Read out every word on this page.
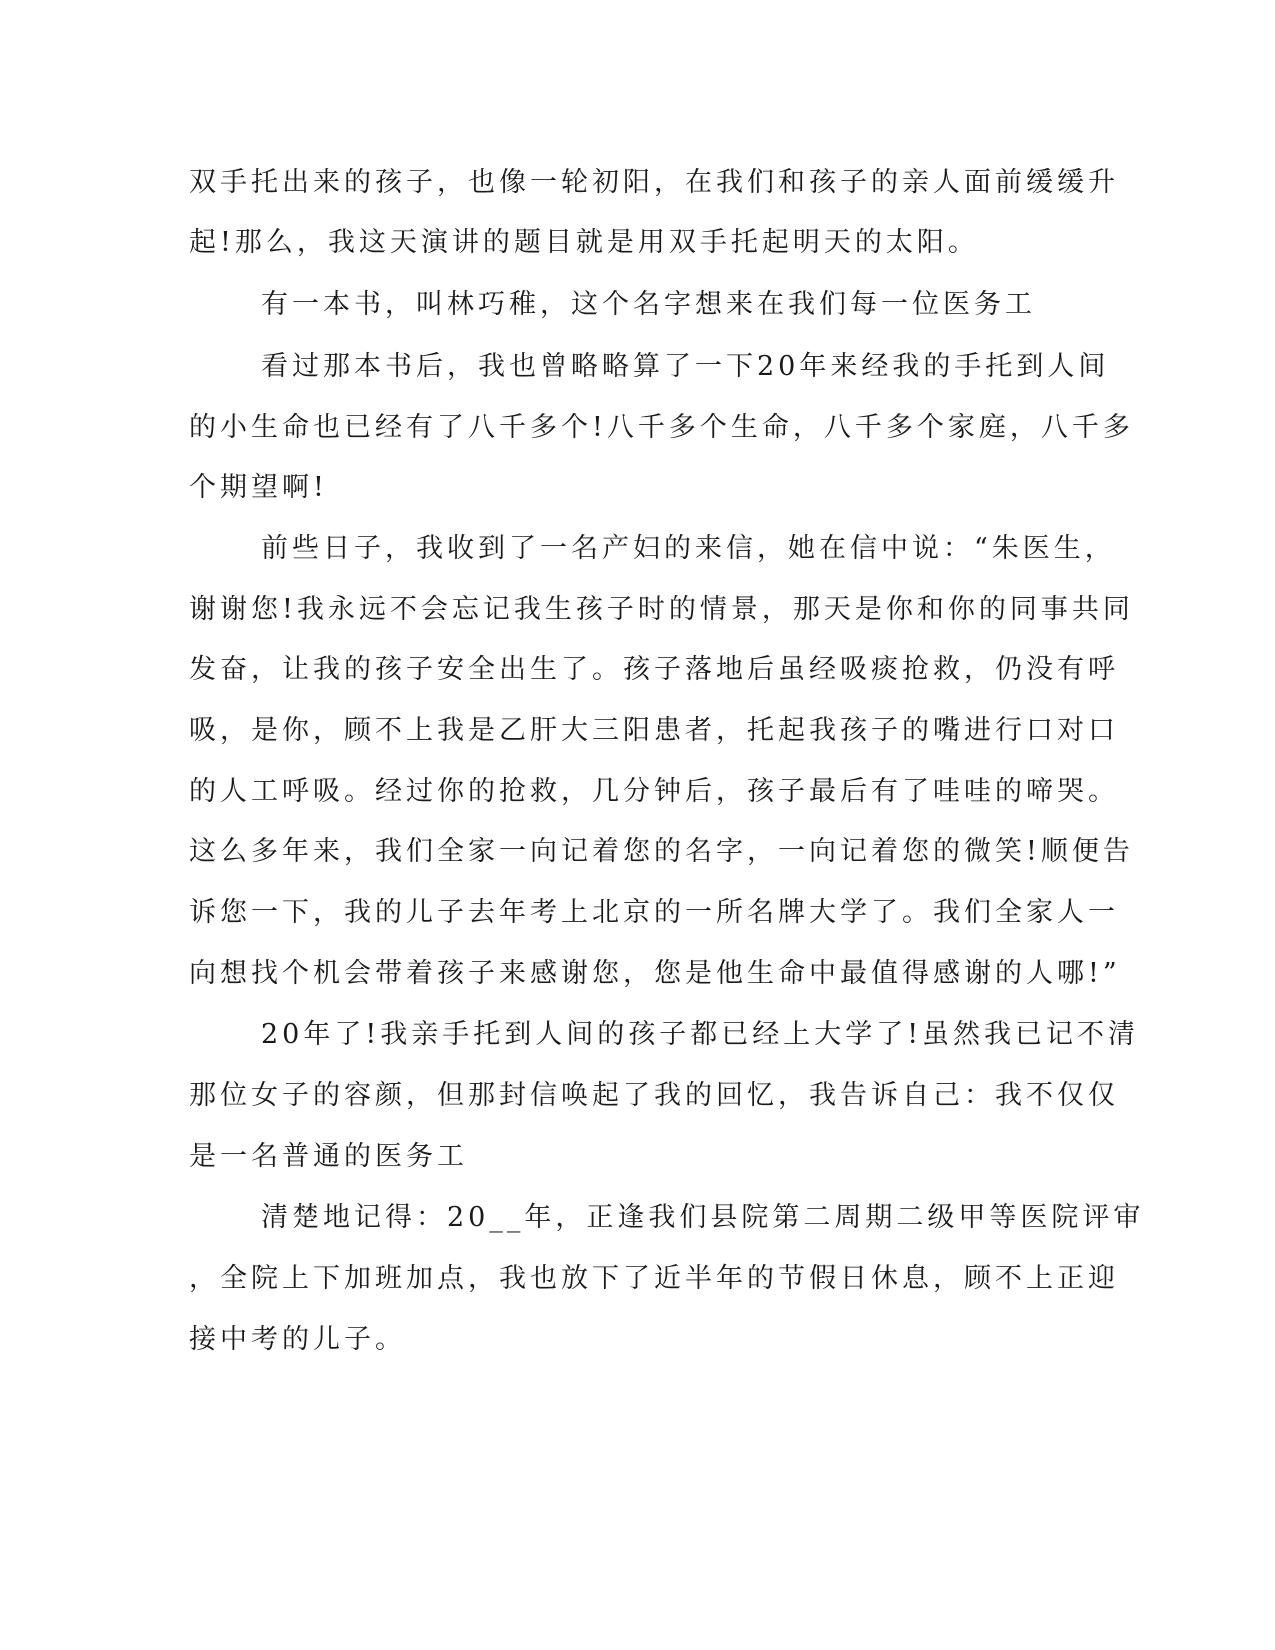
双手托出来的孩子，也像一轮初阳，在我们和孩子的亲人面前缓缓升
起!那么，我这天演讲的题目就是用双手托起明天的太阳。
有一本书，叫林巧稚，这个名字想来在我们每一位医务工
看过那本书后，我也曾略略算了一下20年来经我的手托到人间
的小生命也已经有了八千多个!八千多个生命，八千多个家庭，八千多
个期望啊!
前些日子，我收到了一名产妇的来信，她在信中说：“朱医生，
谢谢您!我永远不会忘记我生孩子时的情景，那天是你和你的同事共同
发奋，让我的孩子安全出生了。孩子落地后虽经吸痰抢救，仍没有呼
吸，是你，顾不上我是乙肝大三阳患者，托起我孩子的嘴进行口对口
的人工呼吸。经过你的抢救，几分钟后，孩子最后有了哇哇的啼哭。
这么多年来，我们全家一向记着您的名字，一向记着您的微笑!顺便告
诉您一下，我的儿子去年考上北京的一所名牌大学了。我们全家人一
向想找个机会带着孩子来感谢您，您是他生命中最值得感谢的人哪!”
20年了!我亲手托到人间的孩子都已经上大学了!虽然我已记不清
那位女子的容颜，但那封信唤起了我的回忆，我告诉自己：我不仅仅
是一名普通的医务工
清楚地记得：20__年，正逢我们县院第二周期二级甲等医院评审
，全院上下加班加点，我也放下了近半年的节假日休息，顾不上正迎
接中考的儿子。
